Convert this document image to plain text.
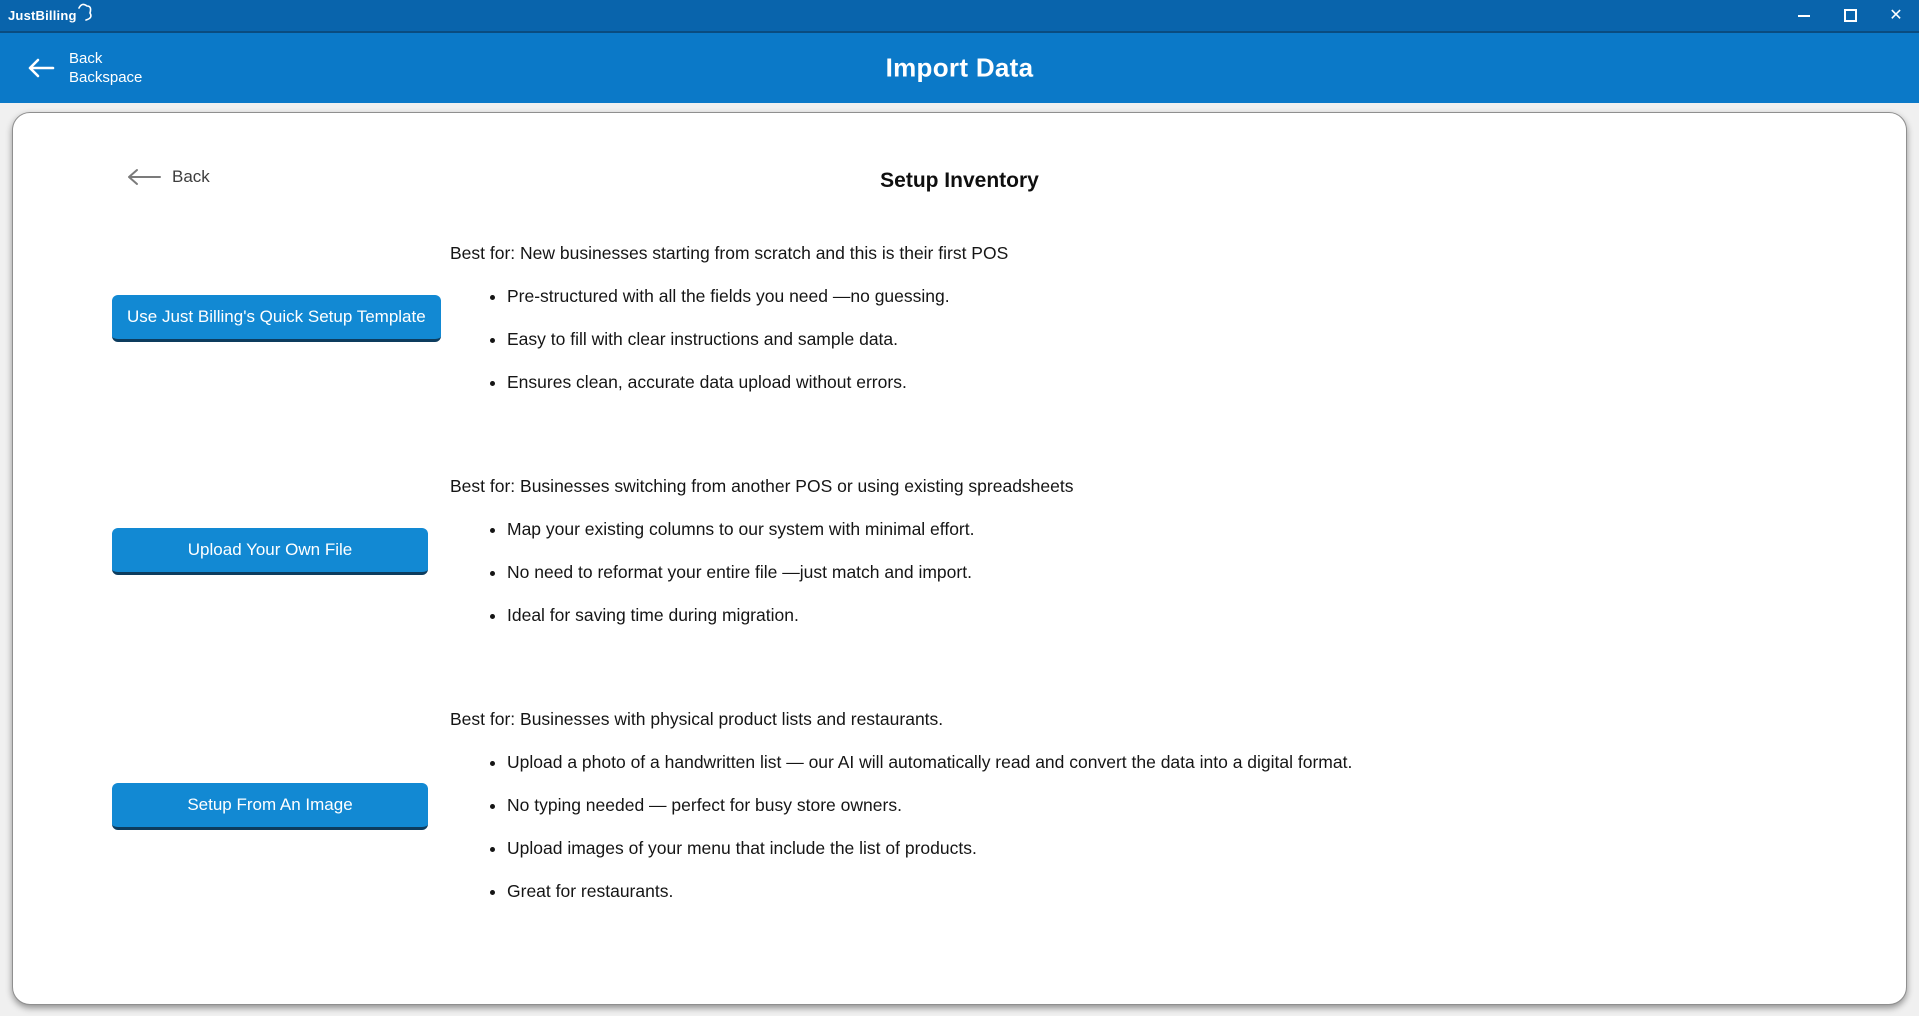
JustBilling	✕
Back
Backspace	Import Data
Back	Setup Inventory
Use Just Billing's Quick Setup Template
Best for: New businesses starting from scratch and this is their first POS
• Pre-structured with all the fields you need —no guessing.
• Easy to fill with clear instructions and sample data.
• Ensures clean, accurate data upload without errors.
Upload Your Own File
Best for: Businesses switching from another POS or using existing spreadsheets
• Map your existing columns to our system with minimal effort.
• No need to reformat your entire file —just match and import.
• Ideal for saving time during migration.
Setup From An Image
Best for: Businesses with physical product lists and restaurants.
• Upload a photo of a handwritten list — our AI will automatically read and convert the data into a digital format.
• No typing needed — perfect for busy store owners.
• Upload images of your menu that include the list of products.
• Great for restaurants.
